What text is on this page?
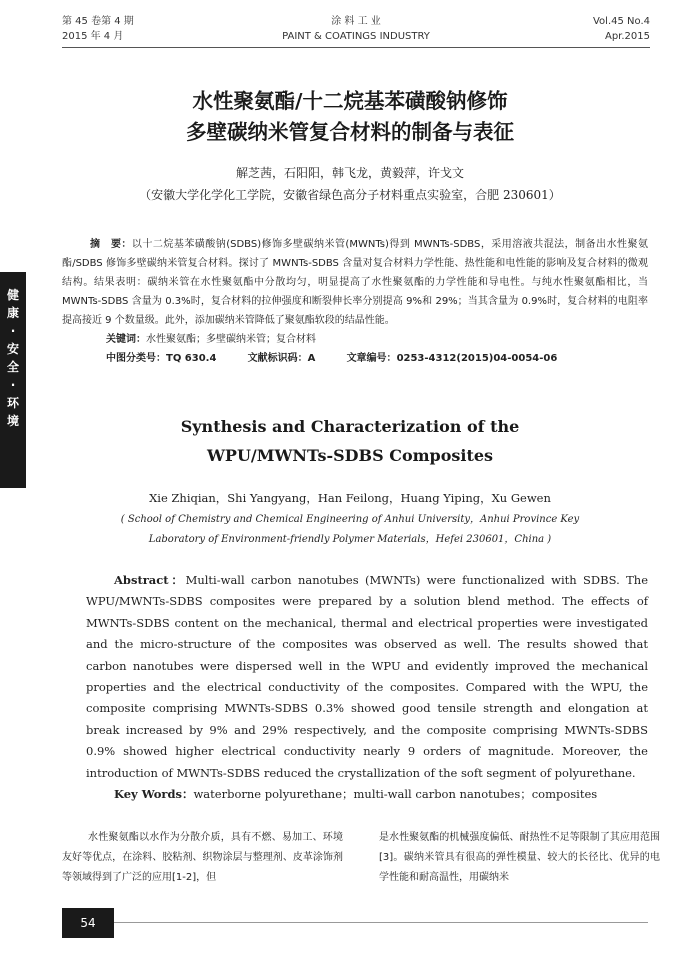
第 45 卷第 4 期
2015 年 4 月
涂 料 工 业
PAINT & COATINGS INDUSTRY
Vol.45 No.4
Apr.2015
水性聚氨酯/十二烷基苯磺酸钠修饰
多壁碳纳米管复合材料的制备与表征
解芝茜，石阳阳，韩飞龙，黄毅萍，许戈文
（安徽大学化学化工学院，安徽省绿色高分子材料重点实验室，合肥 230601）

摘　要：以十二烷基苯磺酸钠(SDBS)修饰多壁碳纳米管(MWNTs)得到 MWNTs-SDBS，采用溶液共混法，制备出水性聚氨酯/SDBS 修饰多壁碳纳米管复合材料。探讨了 MWNTs-SDBS 含量对复合材料力学性能、热性能和电性能的影响及复合材料的微观结构。结果表明：碳纳米管在水性聚氨酯中分散均匀，明显提高了水性聚氨酯的力学性能和导电性。与纯水性聚氨酯相比，当 MWNTs-SDBS 含量为 0.3%时，复合材料的拉伸强度和断裂伸长率分别提高 9%和 29%；当其含量为 0.9%时，复合材料的电阻率提高接近 9 个数量级。此外，添加碳纳米管降低了聚氨酯软段的结晶性能。

关键词：水性聚氨酯；多壁碳纳米管；复合材料

中图分类号：TQ 630.4	文献标识码：A	文章编号：0253-4312(2015)04-0054-06

Synthesis and Characterization of the
WPU/MWNTs-SDBS Composites
Xie Zhiqian，Shi Yangyang，Han Feilong，Huang Yiping，Xu Gewen
( School of Chemistry and Chemical Engineering of Anhui University，Anhui Province Key
Laboratory of Environment-friendly Polymer Materials，Hefei 230601，China )

Abstract：Multi-wall carbon nanotubes (MWNTs) were functionalized with SDBS. The WPU/MWNTs-SDBS composites were prepared by a solution blend method. The effects of MWNTs-SDBS content on the mechanical, thermal and electrical properties were investigated and the micro-structure of the composites was observed as well. The results showed that carbon nanotubes were dispersed well in the WPU and evidently improved the mechanical properties and the electrical conductivity of the composites. Compared with the WPU, the composite comprising MWNTs-SDBS 0.3% showed good tensile strength and elongation at break increased by 9% and 29% respectively, and the composite comprising MWNTs-SDBS 0.9% showed higher electrical conductivity nearly 9 orders of magnitude. Moreover, the introduction of MWNTs-SDBS reduced the crystallization of the soft segment of polyurethane.

Key Words：waterborne polyurethane；multi-wall carbon nanotubes；composites

水性聚氨酯以水作为分散介质，具有不燃、易加工、环境友好等优点，在涂料、胶粘剂、织物涂层与整理剂、皮革涂饰剂等领域得到了广泛的应用[1-2]，但

是水性聚氨酯的机械强度偏低、耐热性不足等限制了其应用范围[3]。碳纳米管具有很高的弹性模量、较大的长径比、优异的电学性能和耐高温性，用碳纳米

健
康
·
安
全
·
环
境
54
